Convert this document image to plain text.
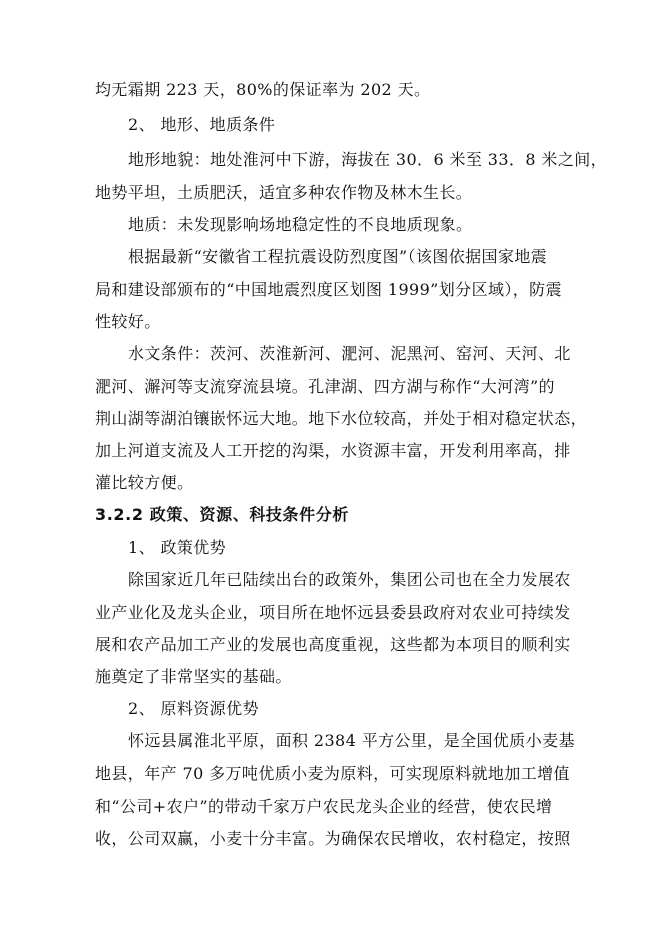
均无霜期 223 天，80%的保证率为 202 天。
2、 地形、地质条件
地形地貌：地处淮河中下游，海拔在 30．6 米至 33．8 米之间，
地势平坦，土质肥沃，适宜多种农作物及林木生长。
地质：未发现影响场地稳定性的不良地质现象。
根据最新“安徽省工程抗震设防烈度图”（该图依据国家地震
局和建设部颁布的“中国地震烈度区划图 1999”划分区域），防震
性较好。
水文条件：茨河、茨淮新河、淝河、泥黑河、窑河、天河、北
淝河、澥河等支流穿流县境。孔津湖、四方湖与称作“大河湾”的
荆山湖等湖泊镶嵌怀远大地。地下水位较高，并处于相对稳定状态，
加上河道支流及人工开挖的沟渠，水资源丰富，开发利用率高，排
灌比较方便。
3.2.2 政策、资源、科技条件分析
1、 政策优势
除国家近几年已陆续出台的政策外，集团公司也在全力发展农
业产业化及龙头企业，项目所在地怀远县委县政府对农业可持续发
展和农产品加工产业的发展也高度重视，这些都为本项目的顺利实
施奠定了非常坚实的基础。
2、 原料资源优势
怀远县属淮北平原，面积 2384 平方公里，是全国优质小麦基
地县，年产 70 多万吨优质小麦为原料，可实现原料就地加工增值
和“公司+农户”的带动千家万户农民龙头企业的经营，使农民增
收，公司双赢，小麦十分丰富。为确保农民增收，农村稳定，按照
